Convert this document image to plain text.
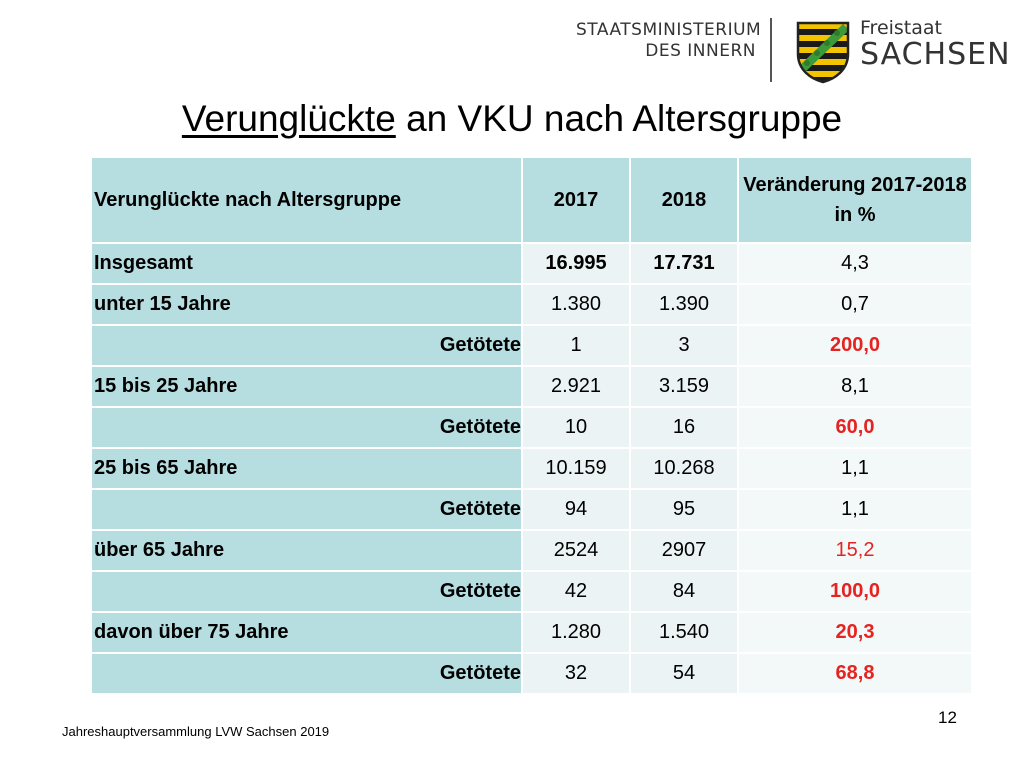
STAATSMINISTERIUM
DES INNERN
Freistaat
SACHSEN
Verunglückte an VKU nach Altersgruppe
Verunglückte nach Altersgruppe	2017	2018	Veränderung 2017-2018 in %
Insgesamt	16.995	17.731	4,3
unter 15 Jahre	1.380	1.390	0,7
Getötete	1	3	200,0
15 bis 25 Jahre	2.921	3.159	8,1
Getötete	10	16	60,0
25 bis 65 Jahre	10.159	10.268	1,1
Getötete	94	95	1,1
über 65 Jahre	2524	2907	15,2
Getötete	42	84	100,0
davon über 75 Jahre	1.280	1.540	20,3
Getötete	32	54	68,8
Jahreshauptversammlung LVW Sachsen 2019
12
